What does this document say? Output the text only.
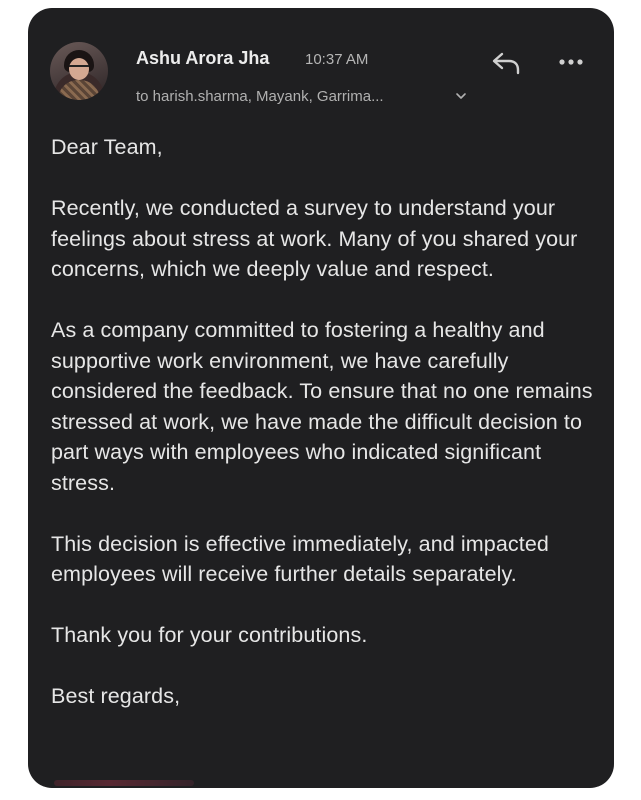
Ashu Arora Jha 10:37 AM
to harish.sharma, Mayank, Garrima...

Dear Team,

Recently, we conducted a survey to understand your feelings about stress at work. Many of you shared your concerns, which we deeply value and respect.

As a company committed to fostering a healthy and supportive work environment, we have carefully considered the feedback. To ensure that no one remains stressed at work, we have made the difficult decision to part ways with employees who indicated significant stress.

This decision is effective immediately, and impacted employees will receive further details separately.

Thank you for your contributions.

Best regards,
